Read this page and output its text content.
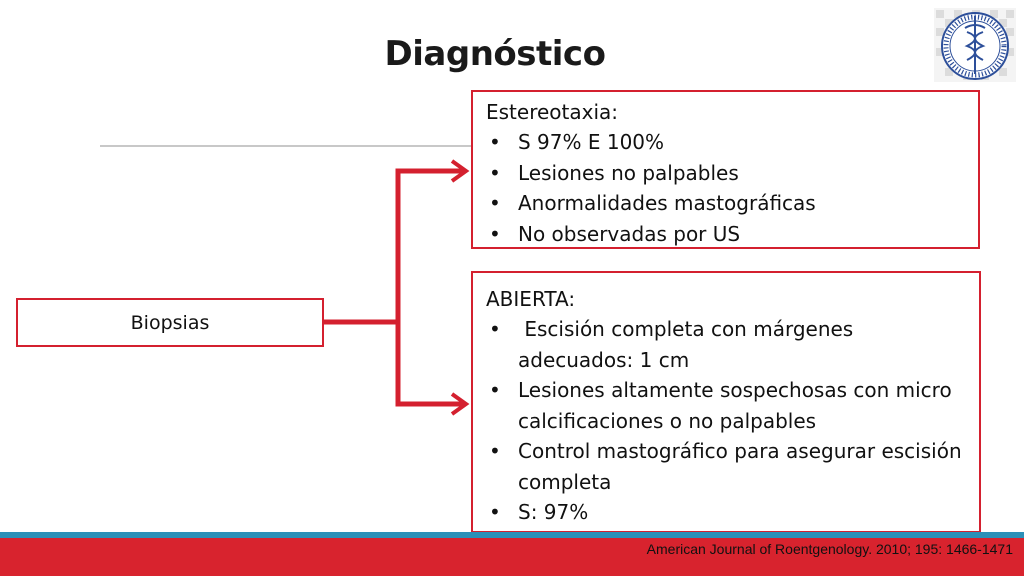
Diagnóstico
Biopsias
Estereotaxia:
• S 97% E 100%
• Lesiones no palpables
• Anormalidades mastográficas
• No observadas por US
ABIERTA:
• Escisión completa con márgenes adecuados: 1 cm
• Lesiones altamente sospechosas con micro calcificaciones o no palpables
• Control mastográfico para asegurar escisión completa
• S: 97%
American Journal of Roentgenology. 2010; 195: 1466-1471
